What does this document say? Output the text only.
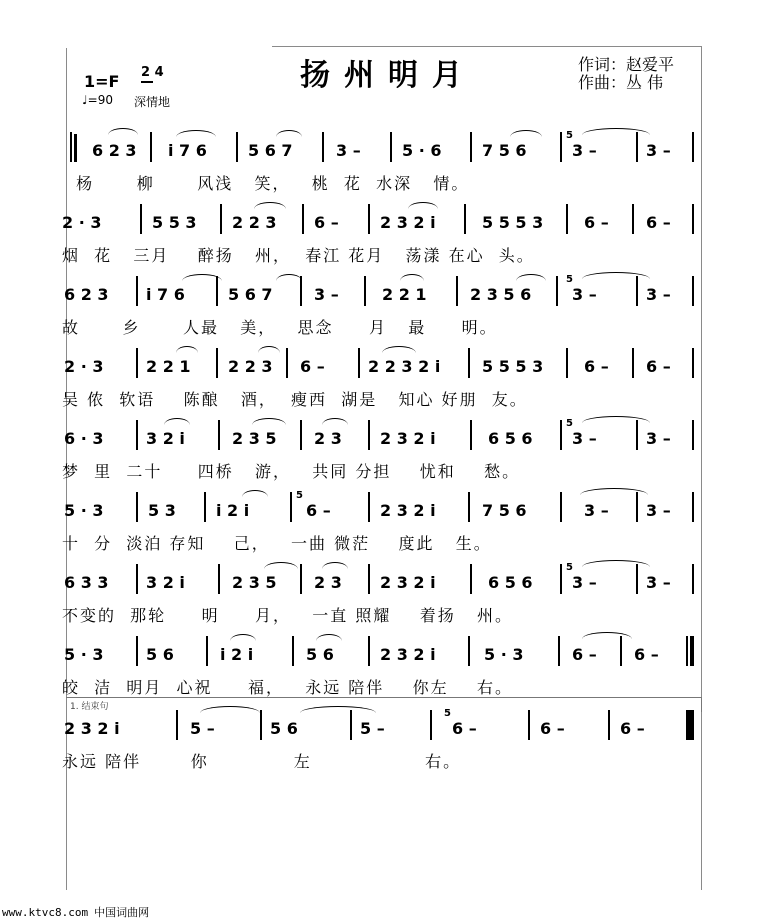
1=F 2 4
♩=90 深情地
扬州明月	作词：赵爱平
作曲：丛 伟
6 2 3 i 7 6	5 6 7	3 –	5 · 6	7 5 6	3 –	3 –
杨      柳      风浅   笑，   桃  花  水深   情。
2 · 3	5 5 3 2 2 3 6 –	2 3 2 i	5 5 5 3	6 – 6 –
烟  花   三月    醉扬   州，  春江 花月   荡漾 在心  头。
6 2 3 i 7 6	5 6 7	3 –	2 2 1	2 3 5 6	3 –	3 –
故      乡      人最   美，   思念     月   最     明。
2 · 3	2 2 1 2 2 3 6 –	2 2 3 2 i	5 5 5 3	6 – 6 –
吴 侬  软语    陈酿   酒，  瘦西  湖是   知心 好朋  友。
6 · 3	3 2 i	2 3 5 2 3 2 3 2 i	6 5 6 3 –	3 –
梦  里  二十     四桥   游，   共同 分担    忧和    愁。
5 · 3	5 3	i 2 i	6 –	2 3 2 i	7 5 6	3 – 3 –
十  分  淡泊 存知    己，   一曲 微茫    度此   生。
6 3 3 3 2 i	2 3 5 2 3 2 3 2 i	6 5 6 3 –	3 –
不变的  那轮     明     月，   一直 照耀    着扬   州。
5 · 3	5 6	i 2 i	5 6	2 3 2 i	5 · 3	6 – 6 –
皎  洁  明月  心祝     福，   永远 陪伴    你左    右。
2 3 2 i	5 –	5 6	5 –	6 –	6 –	6 –
永远 陪伴       你            左                右。
5
5
5
5
5
5
1. 结束句
www.ktvc8.com 中国词曲网
